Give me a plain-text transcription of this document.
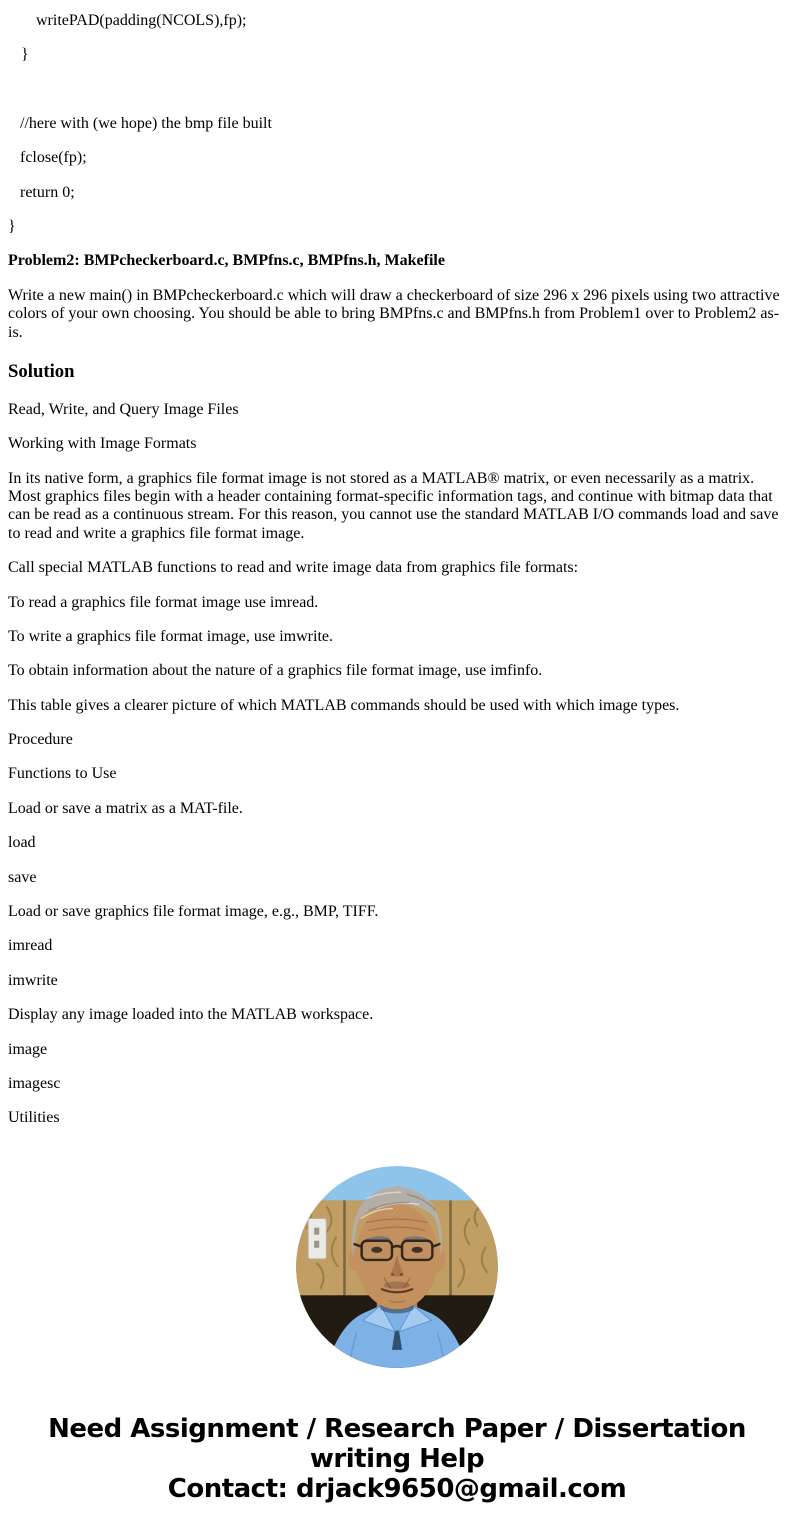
writePAD(padding(NCOLS),fp);

}

//here with (we hope) the bmp file built

fclose(fp);

return 0;

}

Problem2: BMPcheckerboard.c, BMPfns.c, BMPfns.h, Makefile

Write a new main() in BMPcheckerboard.c which will draw a checkerboard of size 296 x 296 pixels using two attractive colors of your own choosing. You should be able to bring BMPfns.c and BMPfns.h from Problem1 over to Problem2 as-is.

Solution

Read, Write, and Query Image Files

Working with Image Formats

In its native form, a graphics file format image is not stored as a MATLAB® matrix, or even necessarily as a matrix. Most graphics files begin with a header containing format-specific information tags, and continue with bitmap data that can be read as a continuous stream. For this reason, you cannot use the standard MATLAB I/O commands load and save to read and write a graphics file format image.

Call special MATLAB functions to read and write image data from graphics file formats:

To read a graphics file format image use imread.

To write a graphics file format image, use imwrite.

To obtain information about the nature of a graphics file format image, use imfinfo.

This table gives a clearer picture of which MATLAB commands should be used with which image types.

Procedure

Functions to Use

Load or save a matrix as a MAT-file.

load

save

Load or save graphics file format image, e.g., BMP, TIFF.

imread

imwrite

Display any image loaded into the MATLAB workspace.

image

imagesc

Utilities

Need Assignment / Research Paper / Dissertation
writing Help
Contact: drjack9650@gmail.com
